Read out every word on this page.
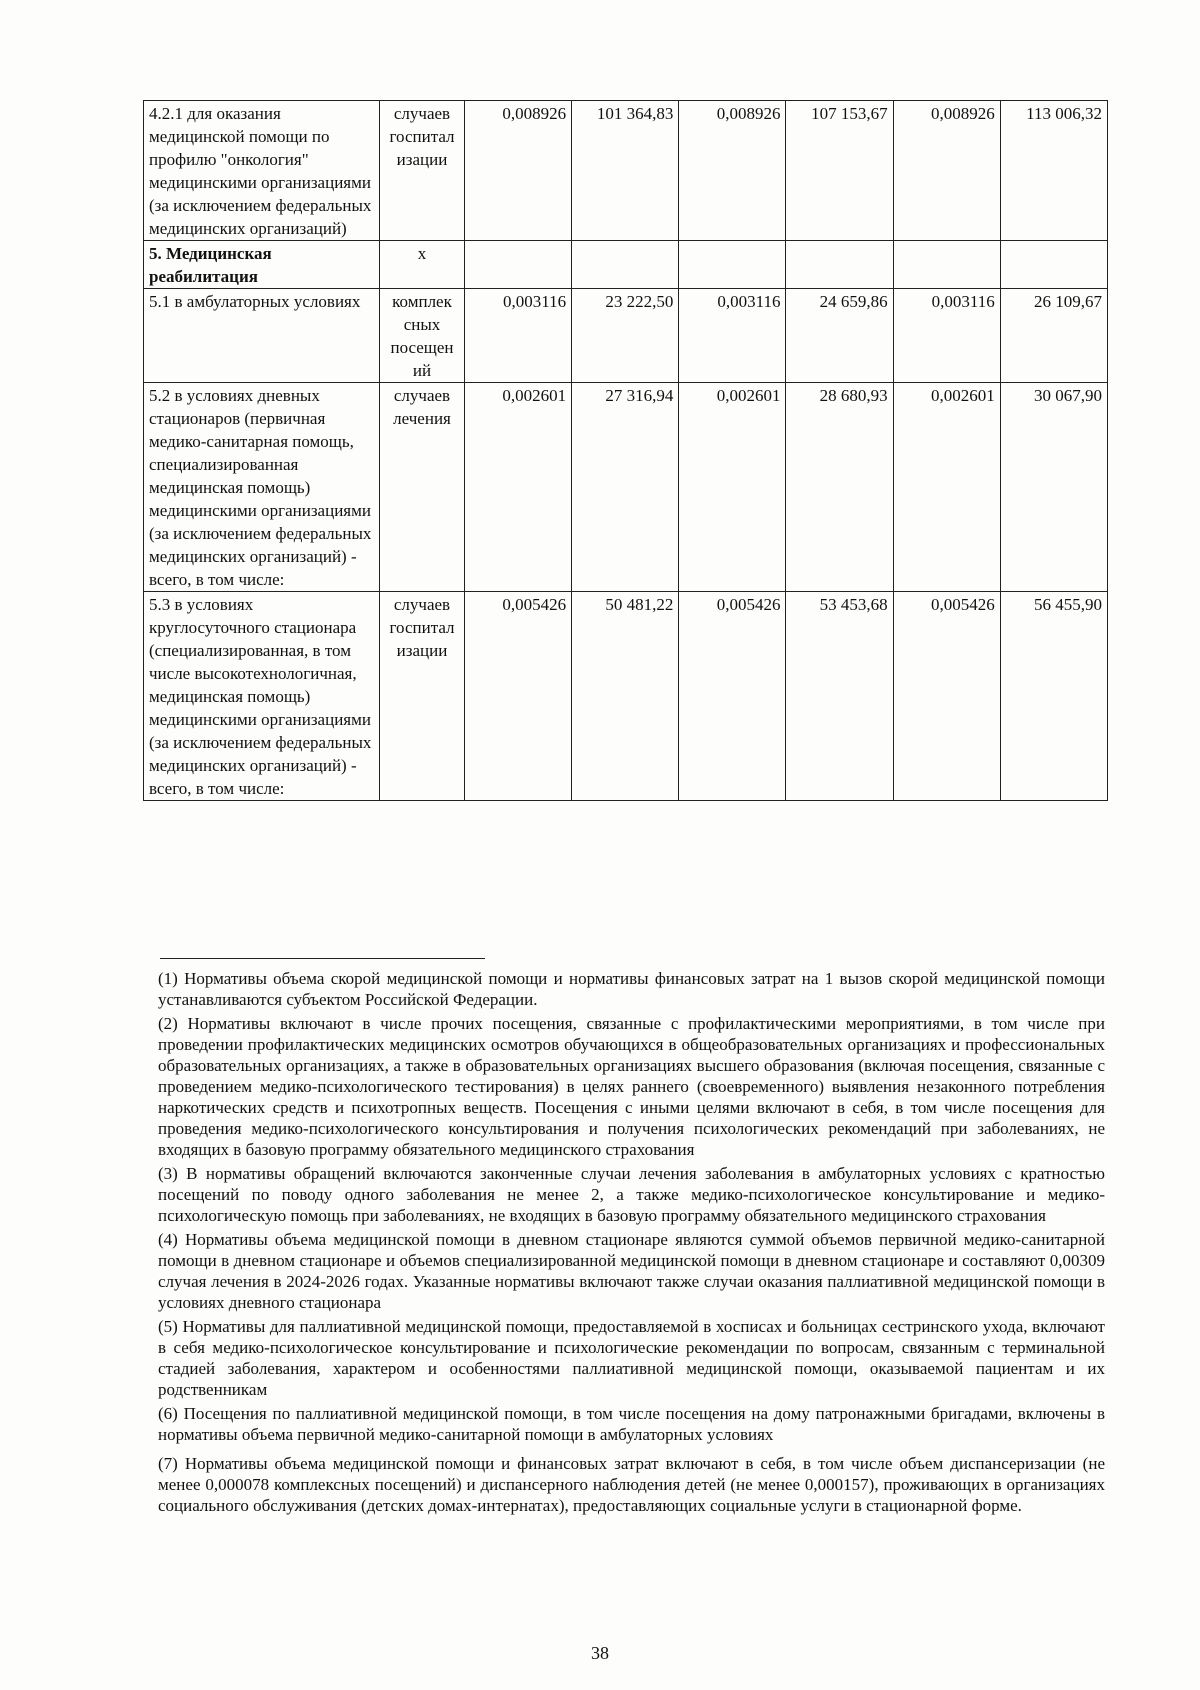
4.2.1 для оказания медицинской помощи по профилю "онкология" медицинскими организациями (за исключением федеральных медицинских организаций)	случаев госпитал изации	0,008926	101 364,83	0,008926	107 153,67	0,008926	113 006,32
5. Медицинская реабилитация	х						
5.1 в амбулаторных условиях	комплек сных посещен ий	0,003116	23 222,50	0,003116	24 659,86	0,003116	26 109,67
5.2 в условиях дневных стационаров (первичная медико-санитарная помощь, специализированная медицинская помощь) медицинскими организациями (за исключением федеральных медицинских организаций) - всего, в том числе:	случаев лечения	0,002601	27 316,94	0,002601	28 680,93	0,002601	30 067,90
5.3 в условиях круглосуточного стационара (специализированная, в том числе высокотехнологичная, медицинская помощь) медицинскими организациями (за исключением федеральных медицинских организаций) - всего, в том числе:	случаев госпитал изации	0,005426	50 481,22	0,005426	53 453,68	0,005426	56 455,90

(1) Нормативы объема скорой медицинской помощи и нормативы финансовых затрат на 1 вызов скорой медицинской помощи устанавливаются субъектом Российской Федерации.

(2) Нормативы включают в числе прочих посещения, связанные с профилактическими мероприятиями, в том числе при проведении профилактических медицинских осмотров обучающихся в общеобразовательных организациях и профессиональных образовательных организациях, а также в образовательных организациях высшего образования (включая посещения, связанные с проведением медико-психологического тестирования) в целях раннего (своевременного) выявления незаконного потребления наркотических средств и психотропных веществ. Посещения с иными целями включают в себя, в том числе посещения для проведения медико-психологического консультирования и получения психологических рекомендаций при заболеваниях, не входящих в базовую программу обязательного медицинского страхования

(3) В нормативы обращений включаются законченные случаи лечения заболевания в амбулаторных условиях с кратностью посещений по поводу одного заболевания не менее 2, а также медико-психологическое консультирование и медико-психологическую помощь при заболеваниях, не входящих в базовую программу обязательного медицинского страхования

(4) Нормативы объема медицинской помощи в дневном стационаре являются суммой объемов первичной медико-санитарной помощи в дневном стационаре и объемов специализированной медицинской помощи в дневном стационаре и составляют 0,00309 случая лечения в 2024-2026 годах. Указанные нормативы включают также случаи оказания паллиативной медицинской помощи в условиях дневного стационара

(5) Нормативы для паллиативной медицинской помощи, предоставляемой в хосписах и больницах сестринского ухода, включают в себя медико-психологическое консультирование и психологические рекомендации по вопросам, связанным с терминальной стадией заболевания, характером и особенностями паллиативной медицинской помощи, оказываемой пациентам и их родственникам

(6) Посещения по паллиативной медицинской помощи, в том числе посещения на дому патронажными бригадами, включены в нормативы объема первичной медико-санитарной помощи в амбулаторных условиях

(7) Нормативы объема медицинской помощи и финансовых затрат включают в себя, в том числе объем диспансеризации (не менее 0,000078 комплексных посещений) и диспансерного наблюдения детей (не менее 0,000157), проживающих в организациях социального обслуживания (детских домах-интернатах), предоставляющих социальные услуги в стационарной форме.

38
